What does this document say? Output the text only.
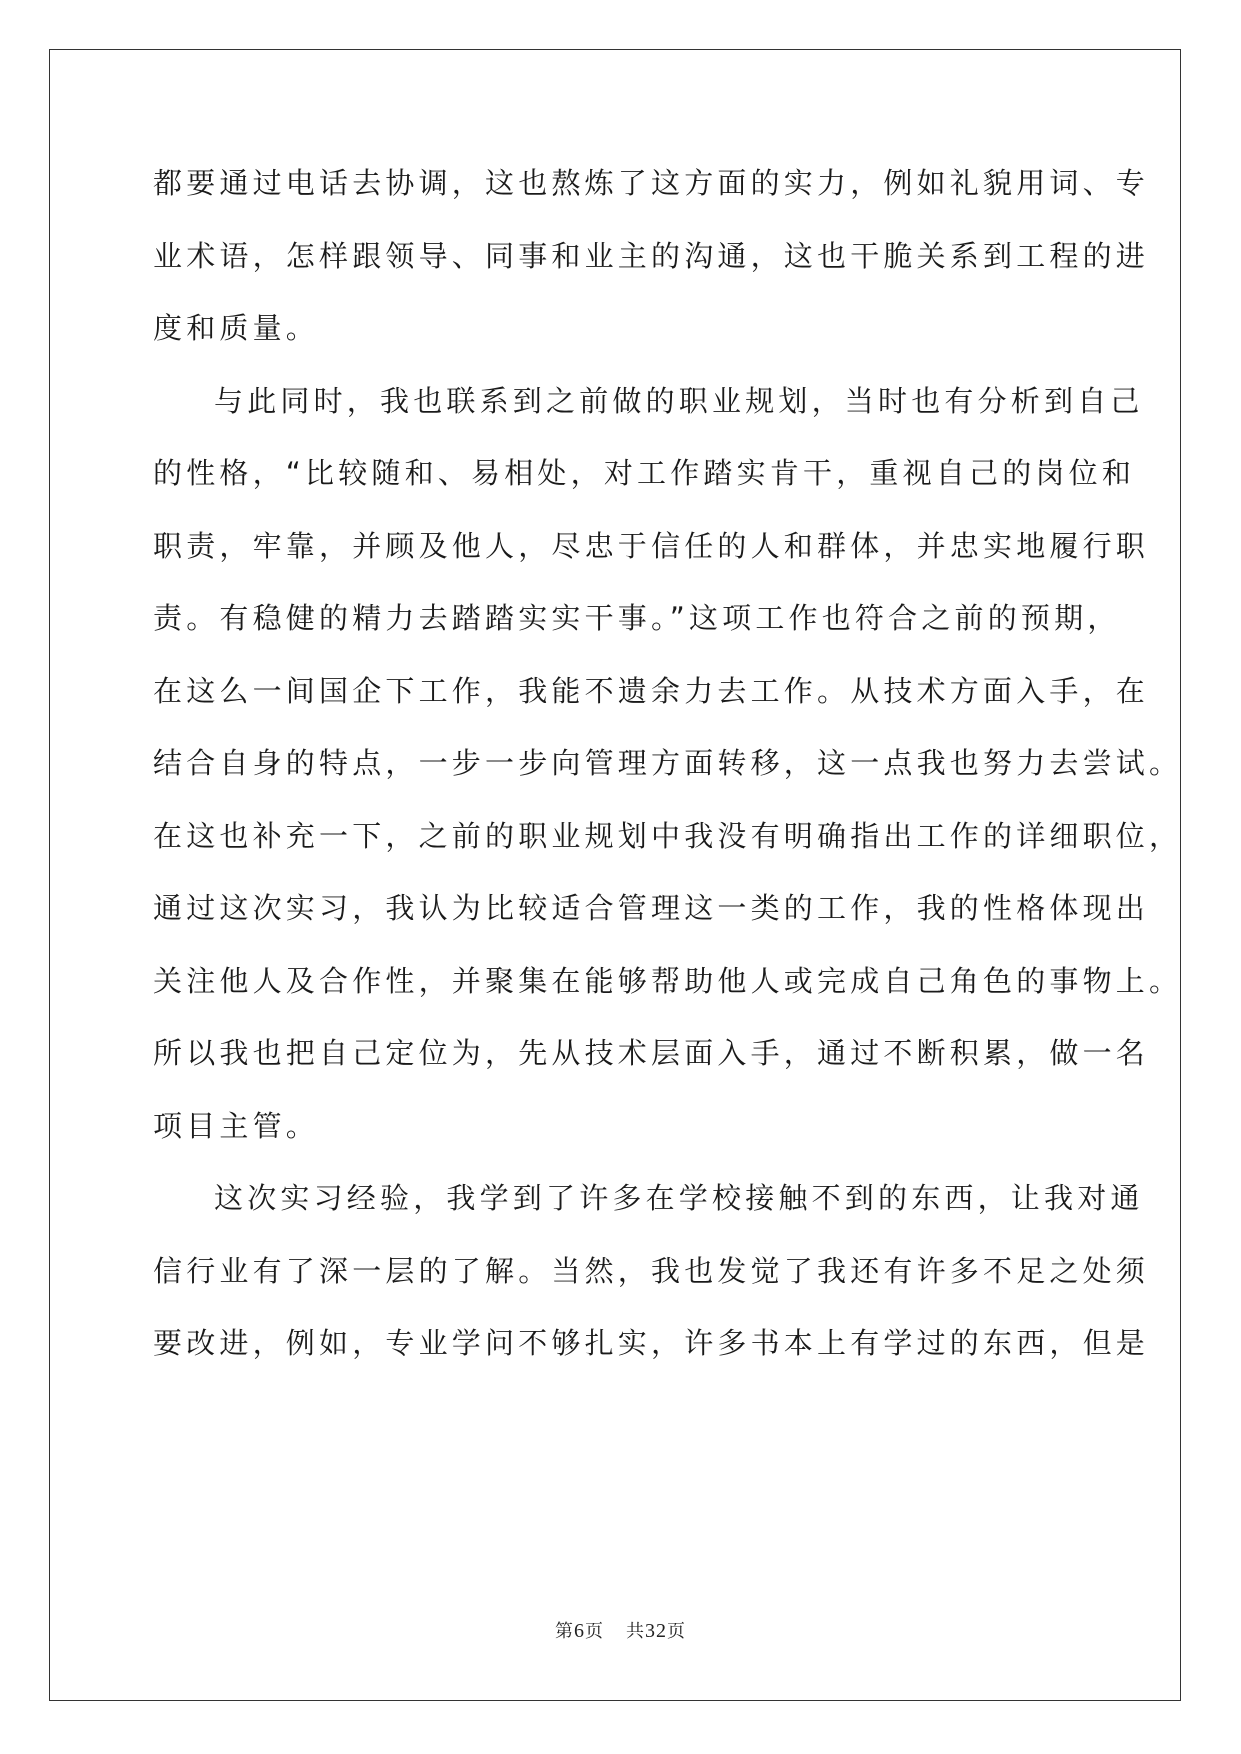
都要通过电话去协调，这也熬炼了这方面的实力，例如礼貌用词、专
业术语，怎样跟领导、同事和业主的沟通，这也干脆关系到工程的进
度和质量。
与此同时，我也联系到之前做的职业规划，当时也有分析到自己
的性格，“比较随和、易相处，对工作踏实肯干，重视自己的岗位和
职责，牢靠，并顾及他人，尽忠于信任的人和群体，并忠实地履行职
责。有稳健的精力去踏踏实实干事。”这项工作也符合之前的预期，
在这么一间国企下工作，我能不遗余力去工作。从技术方面入手，在
结合自身的特点，一步一步向管理方面转移，这一点我也努力去尝试。
在这也补充一下，之前的职业规划中我没有明确指出工作的详细职位，
通过这次实习，我认为比较适合管理这一类的工作，我的性格体现出
关注他人及合作性，并聚集在能够帮助他人或完成自己角色的事物上。
所以我也把自己定位为，先从技术层面入手，通过不断积累，做一名
项目主管。
这次实习经验，我学到了许多在学校接触不到的东西，让我对通
信行业有了深一层的了解。当然，我也发觉了我还有许多不足之处须
要改进，例如，专业学问不够扎实，许多书本上有学过的东西，但是
第6页 共32页
